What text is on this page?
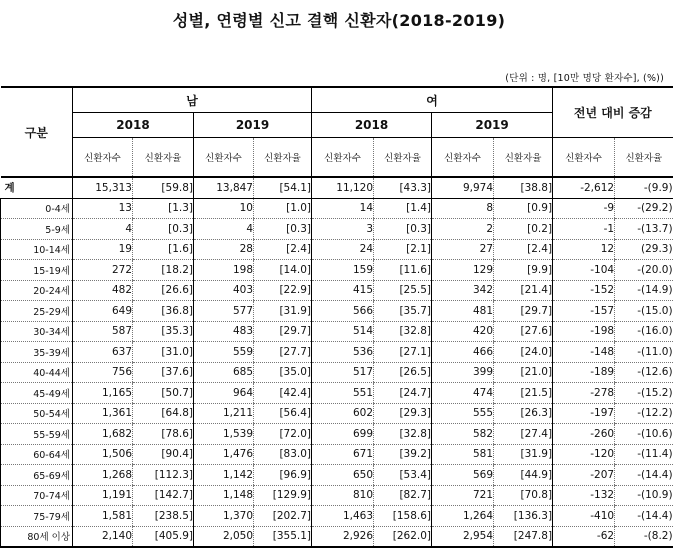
성별, 연령별 신고 결핵 신환자(2018-2019)
(단위 : 명, [10만 명당 환자수], (%))
구분	남				여				전년 대비 증감	
	2018		2019		2018		2019			
	신환자수	신환자율	신환자수	신환자율	신환자수	신환자율	신환자수	신환자율	신환자수	신환자율
계	15,313	[59.8]	13,847	[54.1]	11,120	[43.3]	9,974	[38.8]	-2,612	-(9.9)
0-4세	13	[1.3]	10	[1.0]	14	[1.4]	8	[0.9]	-9	-(29.2)
5-9세	4	[0.3]	4	[0.3]	3	[0.3]	2	[0.2]	-1	-(13.7)
10-14세	19	[1.6]	28	[2.4]	24	[2.1]	27	[2.4]	12	(29.3)
15-19세	272	[18.2]	198	[14.0]	159	[11.6]	129	[9.9]	-104	-(20.0)
20-24세	482	[26.6]	403	[22.9]	415	[25.5]	342	[21.4]	-152	-(14.9)
25-29세	649	[36.8]	577	[31.9]	566	[35.7]	481	[29.7]	-157	-(15.0)
30-34세	587	[35.3]	483	[29.7]	514	[32.8]	420	[27.6]	-198	-(16.0)
35-39세	637	[31.0]	559	[27.7]	536	[27.1]	466	[24.0]	-148	-(11.0)
40-44세	756	[37.6]	685	[35.0]	517	[26.5]	399	[21.0]	-189	-(12.6)
45-49세	1,165	[50.7]	964	[42.4]	551	[24.7]	474	[21.5]	-278	-(15.2)
50-54세	1,361	[64.8]	1,211	[56.4]	602	[29.3]	555	[26.3]	-197	-(12.2)
55-59세	1,682	[78.6]	1,539	[72.0]	699	[32.8]	582	[27.4]	-260	-(10.6)
60-64세	1,506	[90.4]	1,476	[83.0]	671	[39.2]	581	[31.9]	-120	-(11.4)
65-69세	1,268	[112.3]	1,142	[96.9]	650	[53.4]	569	[44.9]	-207	-(14.4)
70-74세	1,191	[142.7]	1,148	[129.9]	810	[82.7]	721	[70.8]	-132	-(10.9)
75-79세	1,581	[238.5]	1,370	[202.7]	1,463	[158.6]	1,264	[136.3]	-410	-(14.4)
80세 이상	2,140	[405.9]	2,050	[355.1]	2,926	[262.0]	2,954	[247.8]	-62	-(8.2)
